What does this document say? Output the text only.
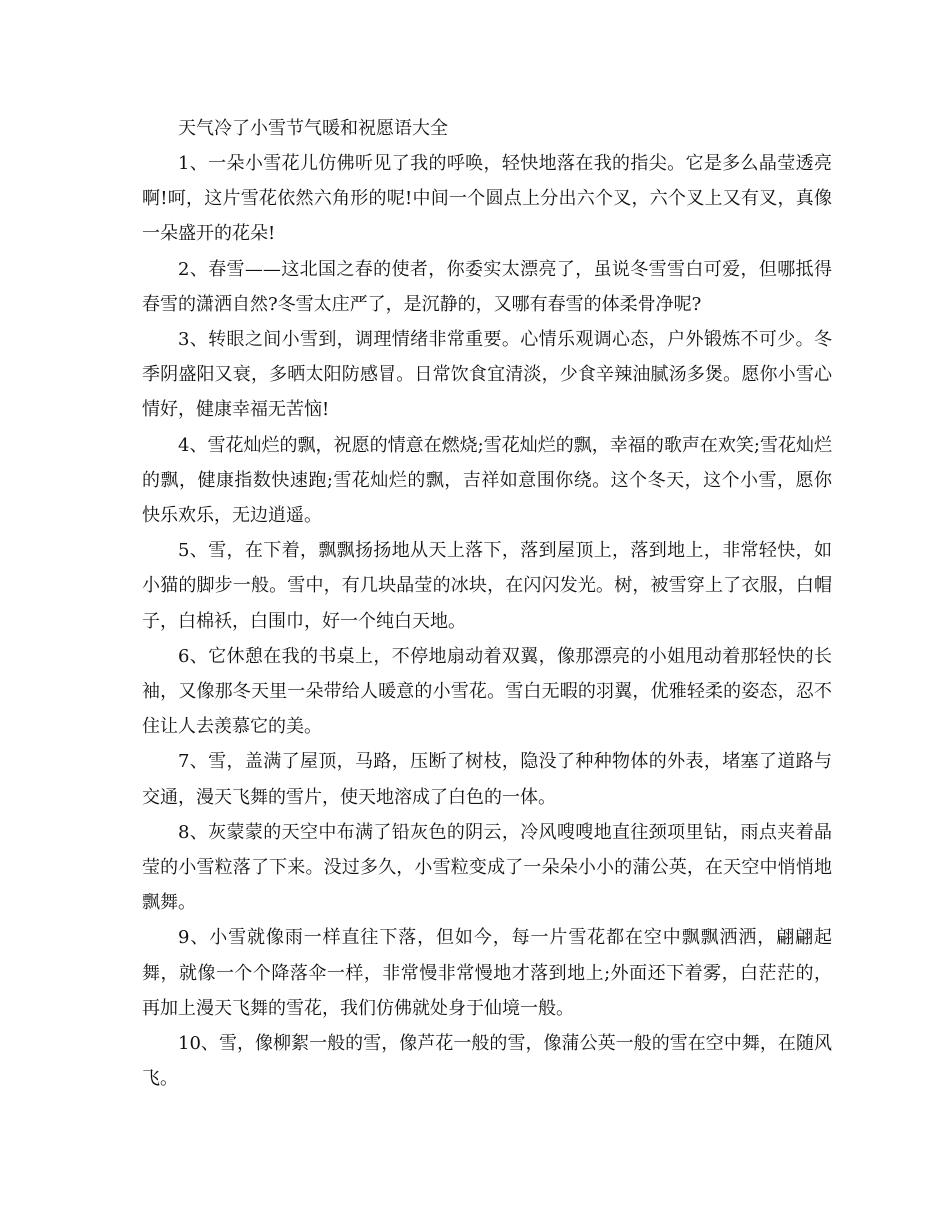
天气冷了小雪节气暖和祝愿语大全

1、一朵小雪花儿仿佛听见了我的呼唤，轻快地落在我的指尖。它是多么晶莹透亮啊!呵，这片雪花依然六角形的呢!中间一个圆点上分出六个叉，六个叉上又有叉，真像一朵盛开的花朵!

2、春雪——这北国之春的使者，你委实太漂亮了，虽说冬雪雪白可爱，但哪抵得春雪的潇洒自然?冬雪太庄严了，是沉静的，又哪有春雪的体柔骨净呢?

3、转眼之间小雪到，调理情绪非常重要。心情乐观调心态，户外锻炼不可少。冬季阴盛阳又衰，多晒太阳防感冒。日常饮食宜清淡，少食辛辣油腻汤多煲。愿你小雪心情好，健康幸福无苦恼!

4、雪花灿烂的飘，祝愿的情意在燃烧;雪花灿烂的飘，幸福的歌声在欢笑;雪花灿烂的飘，健康指数快速跑;雪花灿烂的飘，吉祥如意围你绕。这个冬天，这个小雪，愿你快乐欢乐，无边逍遥。

5、雪，在下着，飘飘扬扬地从天上落下，落到屋顶上，落到地上，非常轻快，如小猫的脚步一般。雪中，有几块晶莹的冰块，在闪闪发光。树，被雪穿上了衣服，白帽子，白棉袄，白围巾，好一个纯白天地。

6、它休憩在我的书桌上，不停地扇动着双翼，像那漂亮的小姐甩动着那轻快的长袖，又像那冬天里一朵带给人暖意的小雪花。雪白无暇的羽翼，优雅轻柔的姿态，忍不住让人去羡慕它的美。

7、雪，盖满了屋顶，马路，压断了树枝，隐没了种种物体的外表，堵塞了道路与交通，漫天飞舞的雪片，使天地溶成了白色的一体。

8、灰蒙蒙的天空中布满了铅灰色的阴云，冷风嗖嗖地直往颈项里钻，雨点夹着晶莹的小雪粒落了下来。没过多久，小雪粒变成了一朵朵小小的蒲公英，在天空中悄悄地飘舞。

9、小雪就像雨一样直往下落，但如今，每一片雪花都在空中飘飘洒洒，翩翩起舞，就像一个个降落伞一样，非常慢非常慢地才落到地上;外面还下着雾，白茫茫的，再加上漫天飞舞的雪花，我们仿佛就处身于仙境一般。

10、雪，像柳絮一般的雪，像芦花一般的雪，像蒲公英一般的雪在空中舞，在随风飞。
